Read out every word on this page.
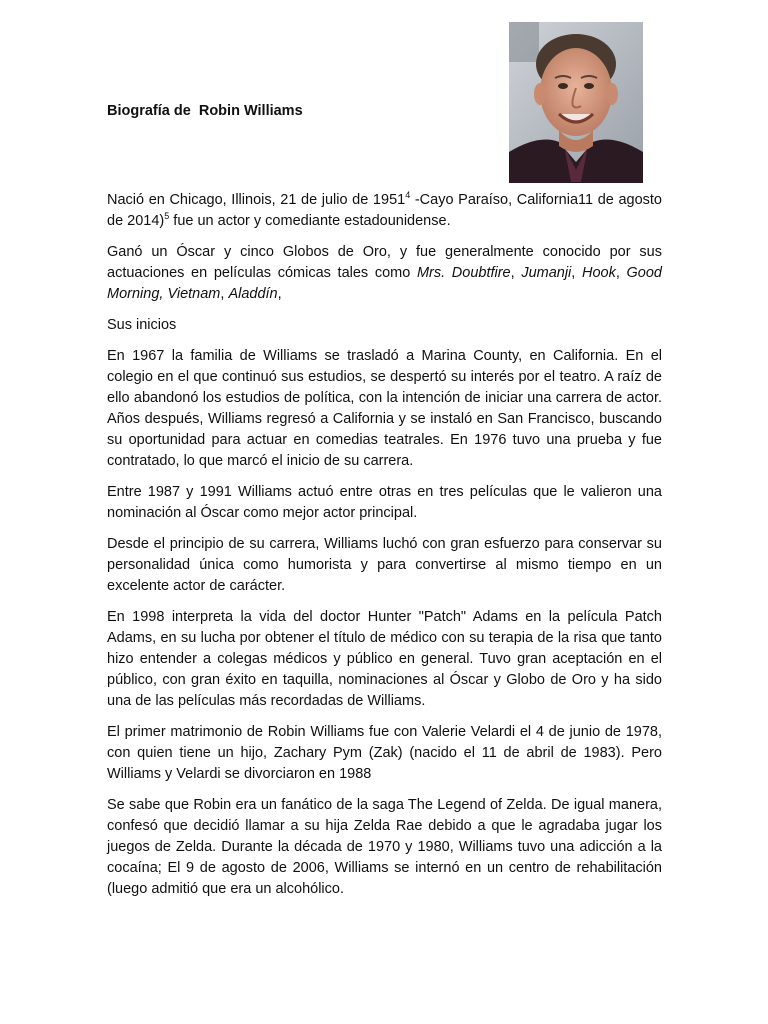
Biografía de  Robin Williams

Nació en Chicago, Illinois, 21 de julio de 1951$^4$ -Cayo Paraíso, California11 de agosto de 2014)$^5$ fue un actor y comediante estadounidense.

Ganó un Óscar y cinco Globos de Oro, y fue generalmente conocido por sus actuaciones en películas cómicas tales como Mrs. Doubtfire, Jumanji, Hook, Good Morning, Vietnam, Aladdín,

Sus inicios

En 1967 la familia de Williams se trasladó a Marina County, en California. En el colegio en el que continuó sus estudios, se despertó su interés por el teatro. A raíz de ello abandonó los estudios de política, con la intención de iniciar una carrera de actor. Años después, Williams regresó a California y se instaló en San Francisco, buscando su oportunidad para actuar en comedias teatrales. En 1976 tuvo una prueba y fue contratado, lo que marcó el inicio de su carrera.

Entre 1987 y 1991 Williams actuó entre otras en tres películas que le valieron una nominación al Óscar como mejor actor principal.

Desde el principio de su carrera, Williams luchó con gran esfuerzo para conservar su personalidad única como humorista y para convertirse al mismo tiempo en un excelente actor de carácter.

En 1998 interpreta la vida del doctor Hunter "Patch" Adams en la película Patch Adams, en su lucha por obtener el título de médico con su terapia de la risa que tanto hizo entender a colegas médicos y público en general. Tuvo gran aceptación en el público, con gran éxito en taquilla, nominaciones al Óscar y Globo de Oro y ha sido una de las películas más recordadas de Williams.

El primer matrimonio de Robin Williams fue con Valerie Velardi el 4 de junio de 1978, con quien tiene un hijo, Zachary Pym (Zak) (nacido el 11 de abril de 1983). Pero Williams y Velardi se divorciaron en 1988

Se sabe que Robin era un fanático de la saga The Legend of Zelda. De igual manera, confesó que decidió llamar a su hija Zelda Rae debido a que le agradaba jugar los juegos de Zelda. Durante la década de 1970 y 1980, Williams tuvo una adicción a la cocaína; El 9 de agosto de 2006, Williams se internó en un centro de rehabilitación (luego admitió que era un alcohólico.
